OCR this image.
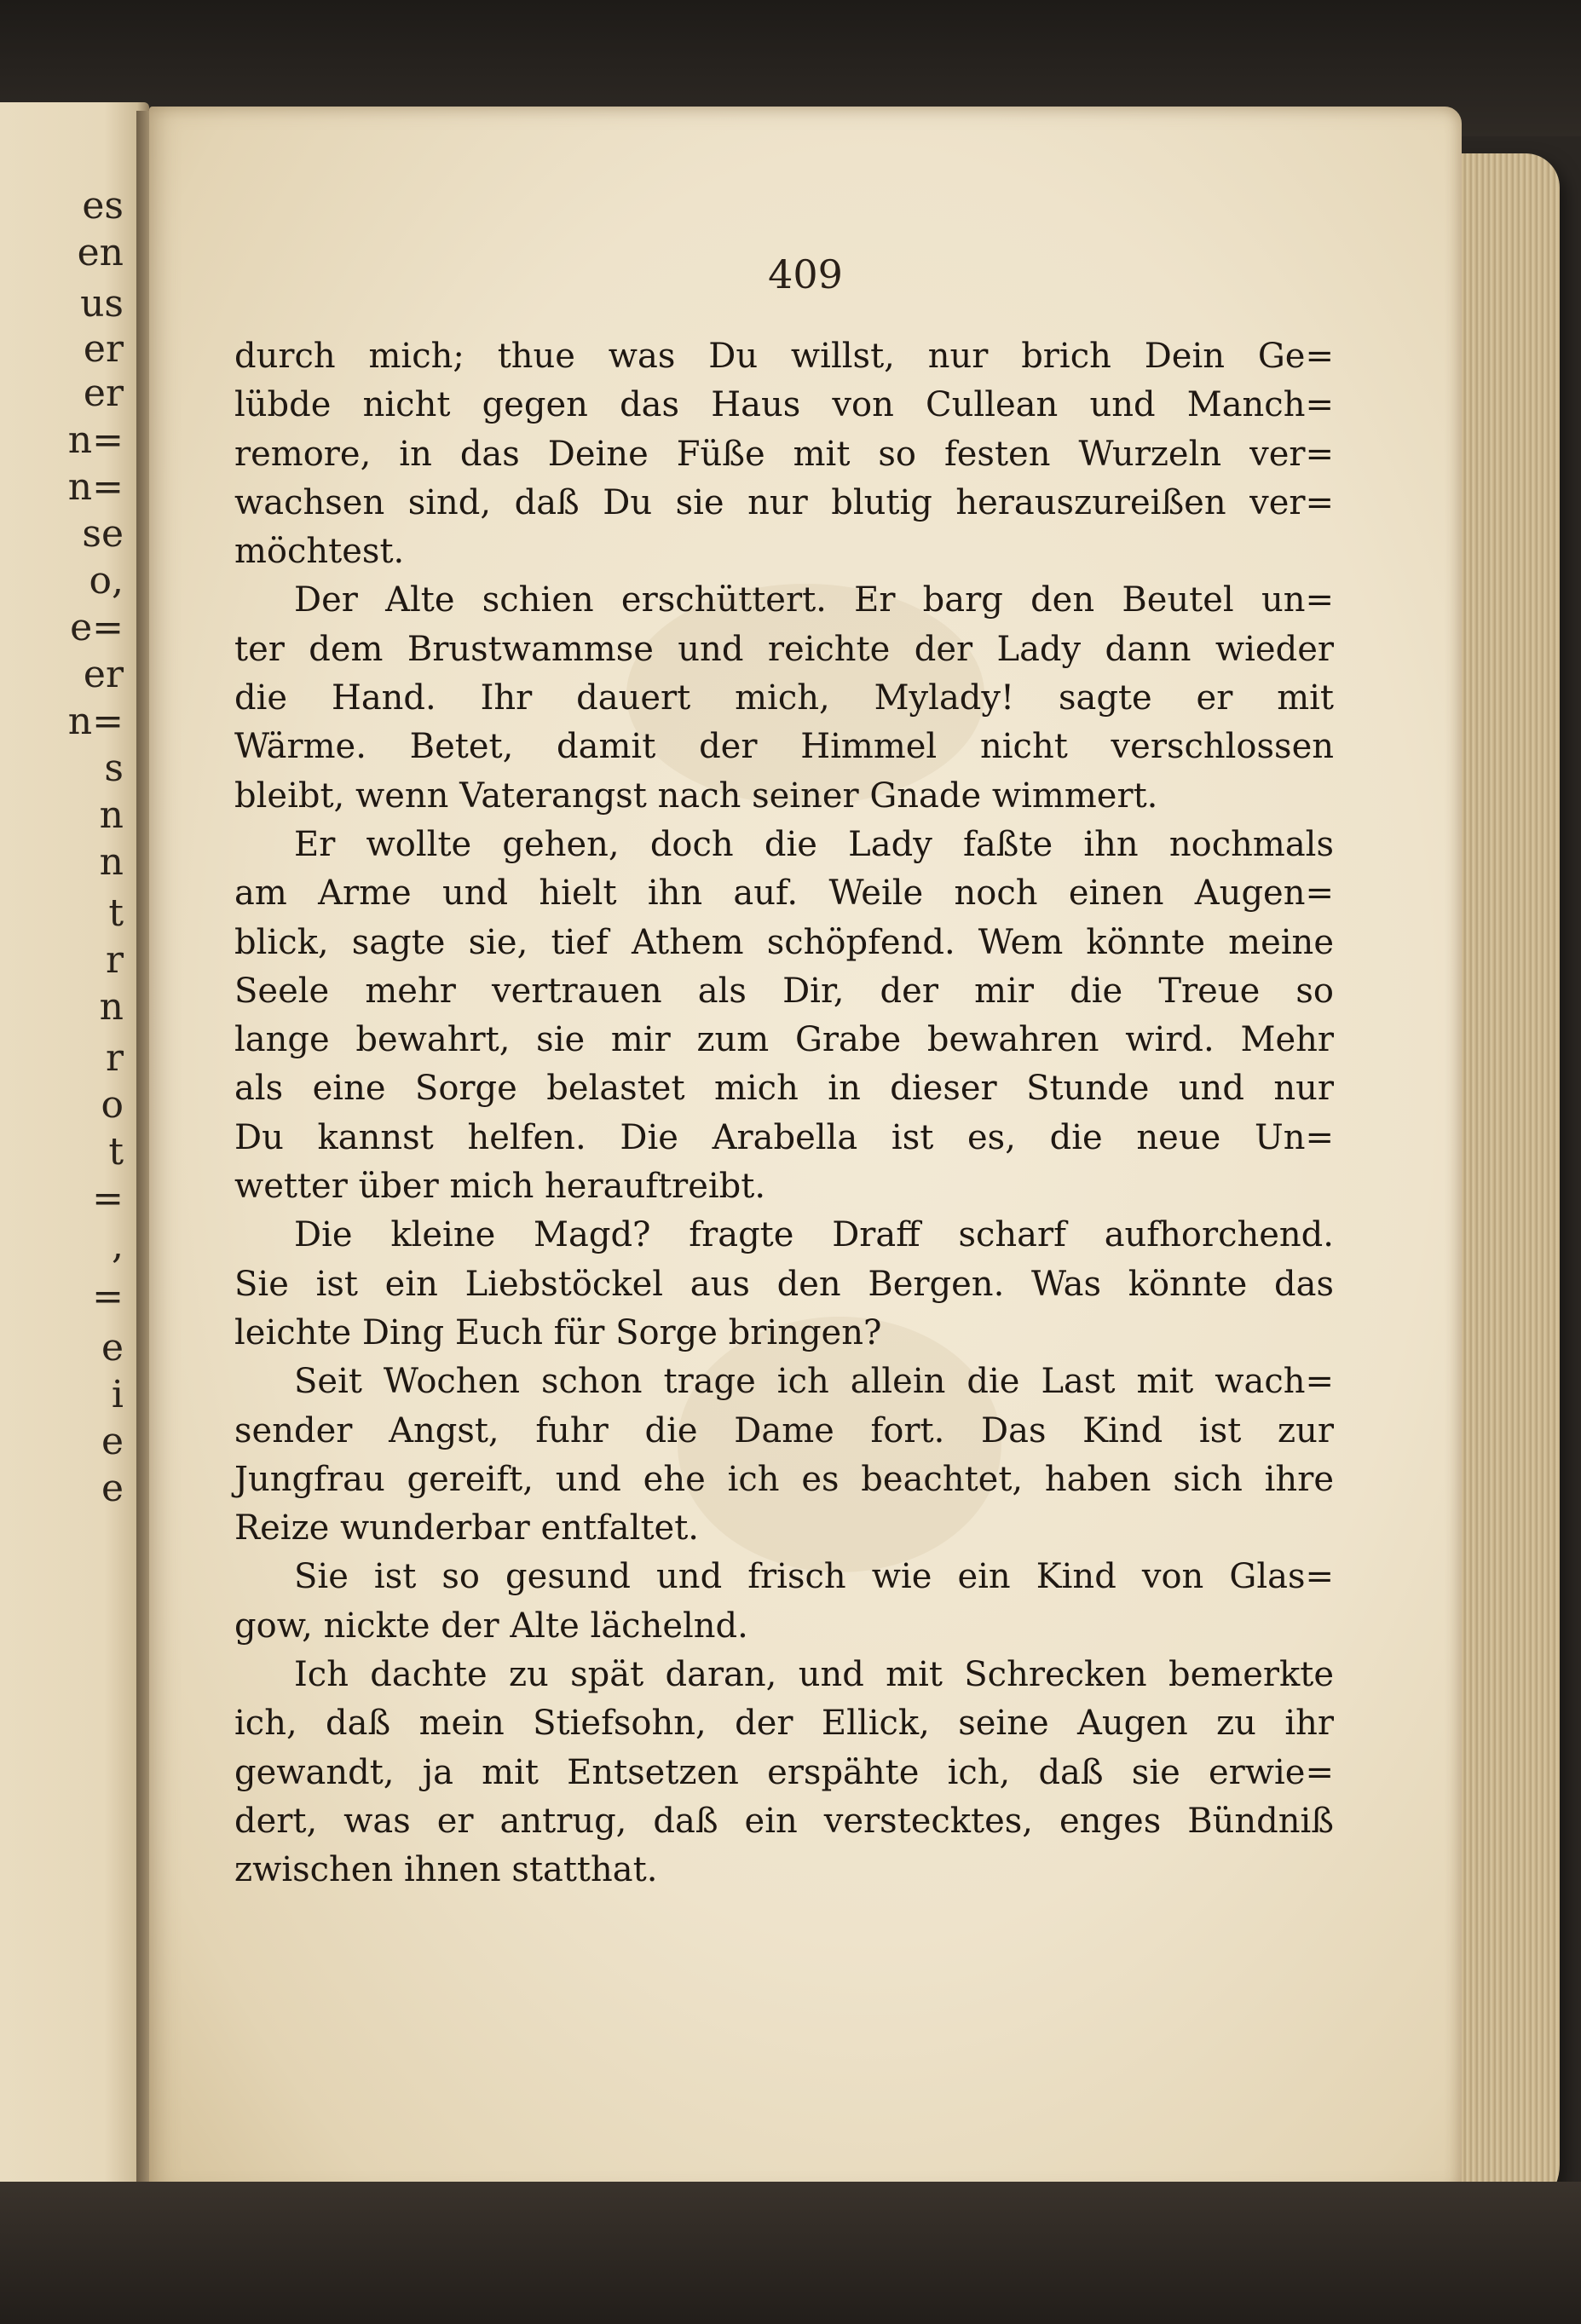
es
en
us
er
er
n=
n=
se
o,
e=
er
n=
s
n
n
t
r
n
r
o
t
=
,
=
e
i
e
e
409
durch mich; thue was Du willst, nur brich Dein Ge=
lübde nicht gegen das Haus von Cullean und Manch=
remore, in das Deine Füße mit so festen Wurzeln ver=
wachsen sind, daß Du sie nur blutig herauszureißen ver=
möchtest.
Der Alte schien erschüttert. Er barg den Beutel un=
ter dem Brustwammse und reichte der Lady dann wieder
die Hand. Ihr dauert mich, Mylady! sagte er mit
Wärme. Betet, damit der Himmel nicht verschlossen
bleibt, wenn Vaterangst nach seiner Gnade wimmert.
Er wollte gehen, doch die Lady faßte ihn nochmals
am Arme und hielt ihn auf. Weile noch einen Augen=
blick, sagte sie, tief Athem schöpfend. Wem könnte meine
Seele mehr vertrauen als Dir, der mir die Treue so
lange bewahrt, sie mir zum Grabe bewahren wird. Mehr
als eine Sorge belastet mich in dieser Stunde und nur
Du kannst helfen. Die Arabella ist es, die neue Un=
wetter über mich herauftreibt.
Die kleine Magd? fragte Draff scharf aufhorchend.
Sie ist ein Liebstöckel aus den Bergen. Was könnte das
leichte Ding Euch für Sorge bringen?
Seit Wochen schon trage ich allein die Last mit wach=
sender Angst, fuhr die Dame fort. Das Kind ist zur
Jungfrau gereift, und ehe ich es beachtet, haben sich ihre
Reize wunderbar entfaltet.
Sie ist so gesund und frisch wie ein Kind von Glas=
gow, nickte der Alte lächelnd.
Ich dachte zu spät daran, und mit Schrecken bemerkte
ich, daß mein Stiefsohn, der Ellick, seine Augen zu ihr
gewandt, ja mit Entsetzen erspähte ich, daß sie erwie=
dert, was er antrug, daß ein verstecktes, enges Bündniß
zwischen ihnen statthat.
